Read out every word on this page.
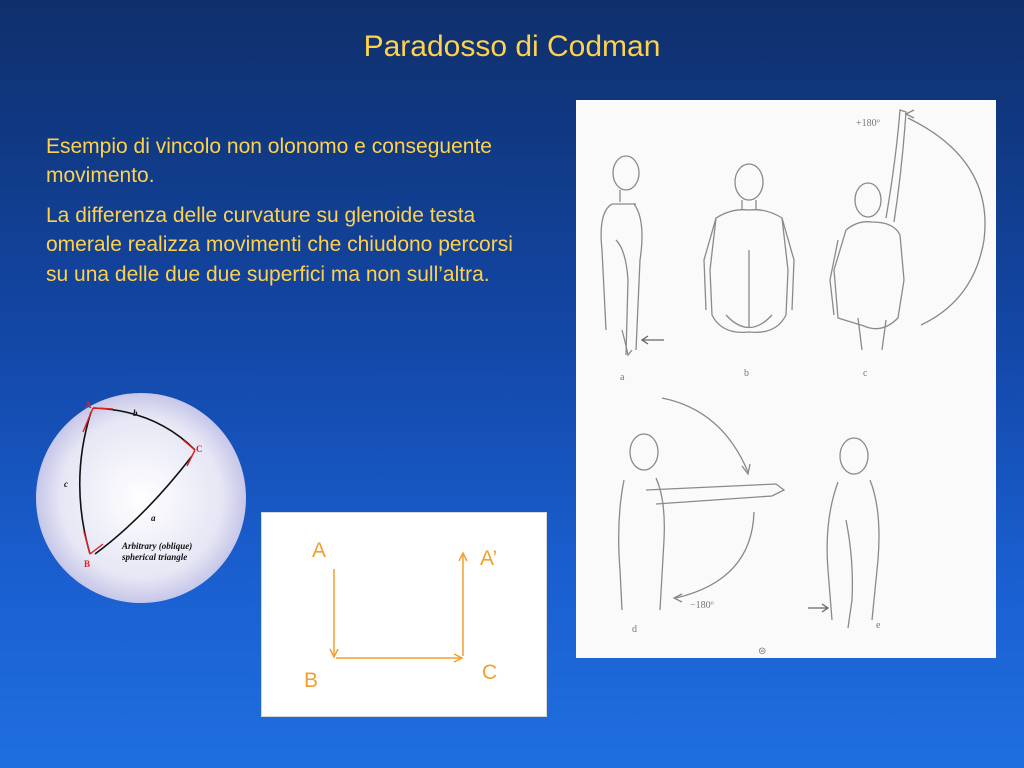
Paradosso di Codman

Esempio di vincolo non olonomo e conseguente movimento.

La differenza delle curvature su glenoide testa omerale realizza movimenti che chiudono percorsi su una delle due due superfici ma non sull’altra.

A
C
B
b
c
a
Arbitrary (oblique)
spherical triangle
+180º
a	b	c
−180º
d	e
⊜
A	A’
B	C
